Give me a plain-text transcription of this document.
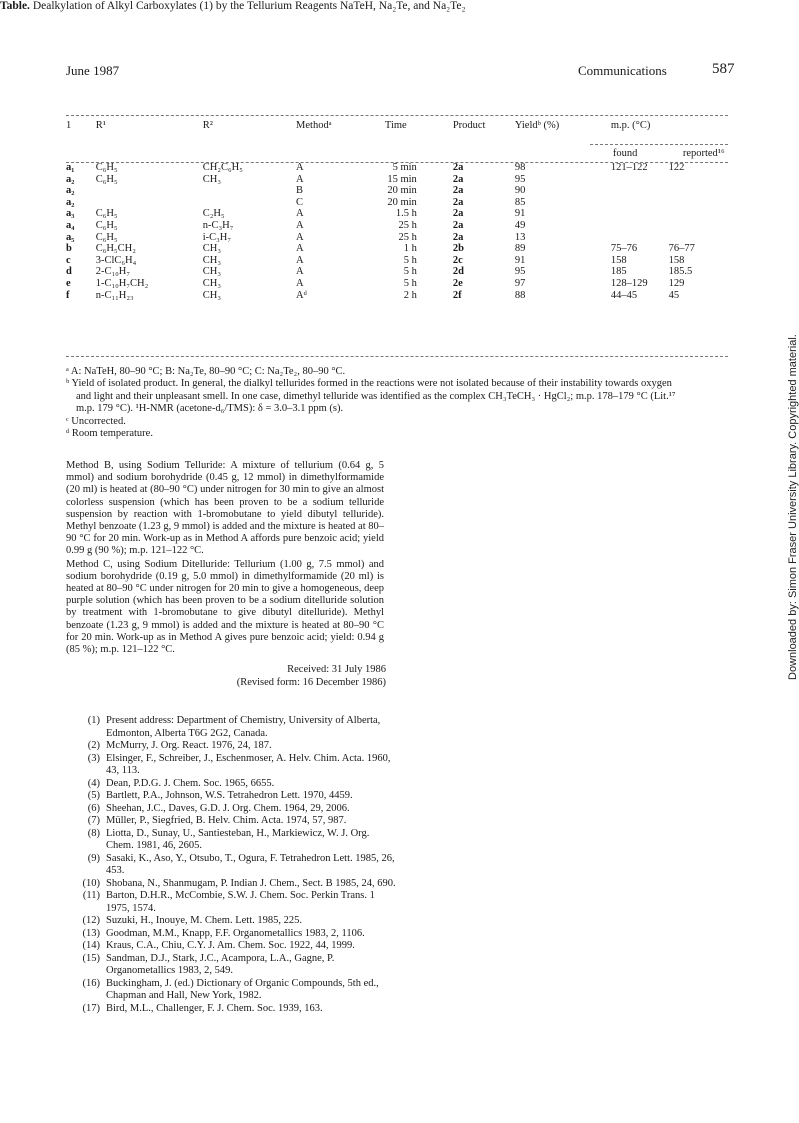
June 1987	Communications	587
Table. Dealkylation of Alkyl Carboxylates (1) by the Tellurium Reagents NaTeH, Na₂Te, and Na₂Te₂
1	R¹	R²	Methodᵃ	Time	Product	Yieldᵇ (%)	m.p. (°C)
found reported¹⁶	

a₁	C₆H₅	CH₂C₆H₅	A	5 min	2a	98	121–122	122
a₂	C₆H₅	CH₃	A	15 min	2a	95		
a₂			B	20 min	2a	90		
a₂			C	20 min	2a	85		
a₃	C₆H₅	C₂H₅	A	1.5 h	2a	91		
a₄	C₆H₅	n-C₃H₇	A	25 h	2a	49		
a₅	C₆H₅	i-C₃H₇	A	25 h	2a	13		
b	C₆H₅CH₂	CH₃	A	1 h	2b	89	75–76	76–77
c	3-ClC₆H₄	CH₃	A	5 h	2c	91	158	158
d	2-C₁₀H₇	CH₃	A	5 h	2d	95	185	185.5
e	1-C₁₀H₇CH₂	CH₃	A	5 h	2e	97	128–129	129
f	n-C₁₁H₂₃	CH₃	Aᵈ	2 h	2f	88	44–45	45

ᵃ A: NaTeH, 80–90 °C; B: Na₂Te, 80–90 °C; C: Na₂Te₂, 80–90 °C.

ᵇ Yield of isolated product. In general, the dialkyl tellurides formed in the reactions were not isolated because of their instability towards oxygen

and light and their unpleasant smell. In one case, dimethyl telluride was identified as the complex CH₃TeCH₃ · HgCl₂; m.p. 178–179 °C (Lit.¹⁷

m.p. 179 °C). ¹H-NMR (acetone-d₆/TMS): δ = 3.0–3.1 ppm (s).

ᶜ Uncorrected.

ᵈ Room temperature.

Method B, using Sodium Telluride: A mixture of tellurium (0.64 g, 5 mmol) and sodium borohydride (0.45 g, 12 mmol) in dimethylformamide (20 ml) is heated at (80–90 °C) under nitrogen for 30 min to give an almost colorless suspension (which has been proven to be a sodium telluride suspension by reaction with 1-bromobutane to yield dibutyl telluride). Methyl benzoate (1.23 g, 9 mmol) is added and the mixture is heated at 80–90 °C for 20 min. Work-up as in Method A affords pure benzoic acid; yield 0.99 g (90 %); m.p. 121–122 °C.

Method C, using Sodium Ditelluride: Tellurium (1.00 g, 7.5 mmol) and sodium borohydride (0.19 g, 5.0 mmol) in dimethylformamide (20 ml) is heated at 80–90 °C under nitrogen for 20 min to give a homogeneous, deep purple solution (which has been proven to be a sodium ditelluride solution by treatment with 1-bromobutane to give dibutyl ditelluride). Methyl benzoate (1.23 g, 9 mmol) is added and the mixture is heated at 80–90 °C for 20 min. Work-up as in Method A gives pure benzoic acid; yield: 0.94 g (85 %); m.p. 121–122 °C.

Received: 31 July 1986
(Revised form: 16 December 1986)
(1) Present address: Department of Chemistry, University of Alberta, Edmonton, Alberta T6G 2G2, Canada.
(2) McMurry, J. Org. React. 1976, 24, 187.
(3) Elsinger, F., Schreiber, J., Eschenmoser, A. Helv. Chim. Acta. 1960, 43, 113.
(4) Dean, P.D.G. J. Chem. Soc. 1965, 6655.
(5) Bartlett, P.A., Johnson, W.S. Tetrahedron Lett. 1970, 4459.
(6) Sheehan, J.C., Daves, G.D. J. Org. Chem. 1964, 29, 2006.
(7) Müller, P., Siegfried, B. Helv. Chim. Acta. 1974, 57, 987.
(8) Liotta, D., Sunay, U., Santiesteban, H., Markiewicz, W. J. Org. Chem. 1981, 46, 2605.
(9) Sasaki, K., Aso, Y., Otsubo, T., Ogura, F. Tetrahedron Lett. 1985, 26, 453.
(10) Shobana, N., Shanmugam, P. Indian J. Chem., Sect. B 1985, 24, 690.
(11) Barton, D.H.R., McCombie, S.W. J. Chem. Soc. Perkin Trans. 1 1975, 1574.
(12) Suzuki, H., Inouye, M. Chem. Lett. 1985, 225.
(13) Goodman, M.M., Knapp, F.F. Organometallics 1983, 2, 1106.
(14) Kraus, C.A., Chiu, C.Y. J. Am. Chem. Soc. 1922, 44, 1999.
(15) Sandman, D.J., Stark, J.C., Acampora, L.A., Gagne, P. Organometallics 1983, 2, 549.
(16) Buckingham, J. (ed.) Dictionary of Organic Compounds, 5th ed., Chapman and Hall, New York, 1982.
(17) Bird, M.L., Challenger, F. J. Chem. Soc. 1939, 163.
Downloaded by: Simon Fraser University Library. Copyrighted material.
